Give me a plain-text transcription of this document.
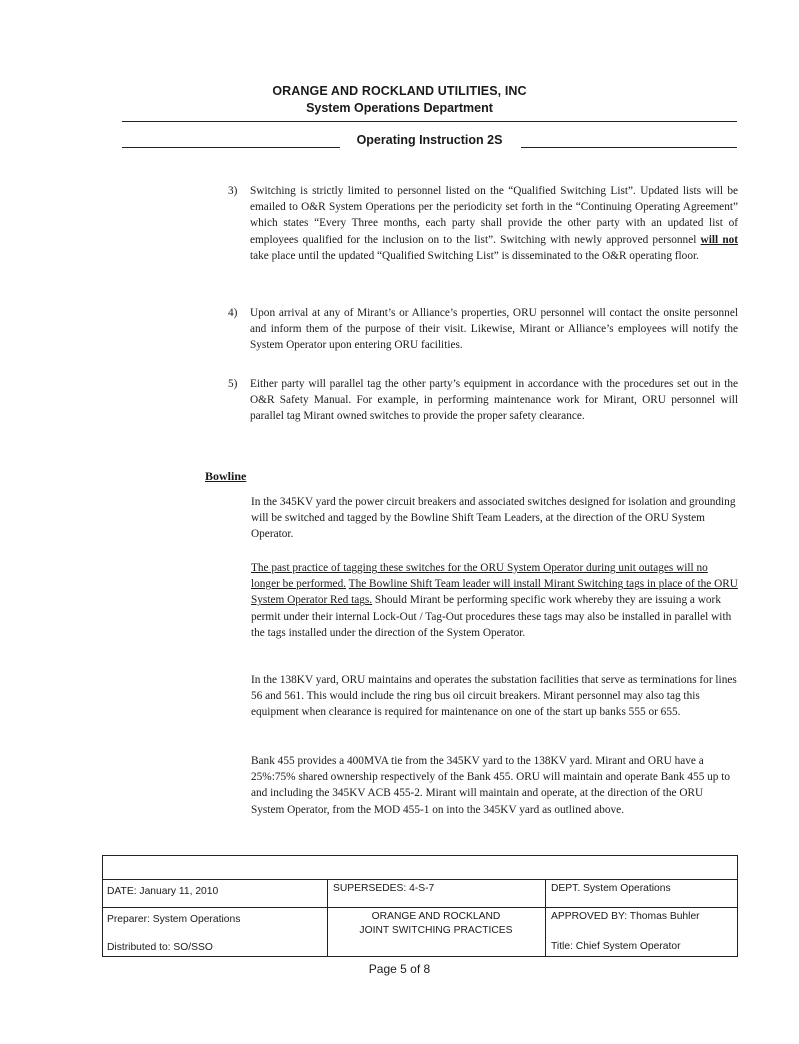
ORANGE AND ROCKLAND UTILITIES, INC
System Operations Department
Operating Instruction 2S
3) Switching is strictly limited to personnel listed on the “Qualified Switching List”. Updated lists will be emailed to O&R System Operations per the periodicity set forth in the “Continuing Operating Agreement” which states “Every Three months, each party shall provide the other party with an updated list of employees qualified for the inclusion on to the list”. Switching with newly approved personnel will not take place until the updated “Qualified Switching List” is disseminated to the O&R operating floor.
4) Upon arrival at any of Mirant’s or Alliance’s properties, ORU personnel will contact the onsite personnel and inform them of the purpose of their visit. Likewise, Mirant or Alliance’s employees will notify the System Operator upon entering ORU facilities.
5) Either party will parallel tag the other party’s equipment in accordance with the procedures set out in the O&R Safety Manual. For example, in performing maintenance work for Mirant, ORU personnel will parallel tag Mirant owned switches to provide the proper safety clearance.
Bowline
In the 345KV yard the power circuit breakers and associated switches designed for isolation and grounding will be switched and tagged by the Bowline Shift Team Leaders, at the direction of the ORU System Operator.
The past practice of tagging these switches for the ORU System Operator during unit outages will no longer be performed. The Bowline Shift Team leader will install Mirant Switching tags in place of the ORU System Operator Red tags. Should Mirant be performing specific work whereby they are issuing a work permit under their internal Lock-Out / Tag-Out procedures these tags may also be installed in parallel with the tags installed under the direction of the System Operator.
In the 138KV yard, ORU maintains and operates the substation facilities that serve as terminations for lines 56 and 561. This would include the ring bus oil circuit breakers. Mirant personnel may also tag this equipment when clearance is required for maintenance on one of the start up banks 555 or 655.
Bank 455 provides a 400MVA tie from the 345KV yard to the 138KV yard. Mirant and ORU have a 25%:75% shared ownership respectively of the Bank 455. ORU will maintain and operate Bank 455 up to and including the 345KV ACB 455-2. Mirant will maintain and operate, at the direction of the ORU System Operator, from the MOD 455-1 on into the 345KV yard as outlined above.
DATE: January 11, 2010	SUPERSEDES: 4-S-7	DEPT. System Operations
Preparer: System Operations
Distributed to: SO/SSO
ORANGE AND ROCKLAND
JOINT SWITCHING PRACTICES
APPROVED BY: Thomas Buhler
Title: Chief System Operator
Page 5 of 8
